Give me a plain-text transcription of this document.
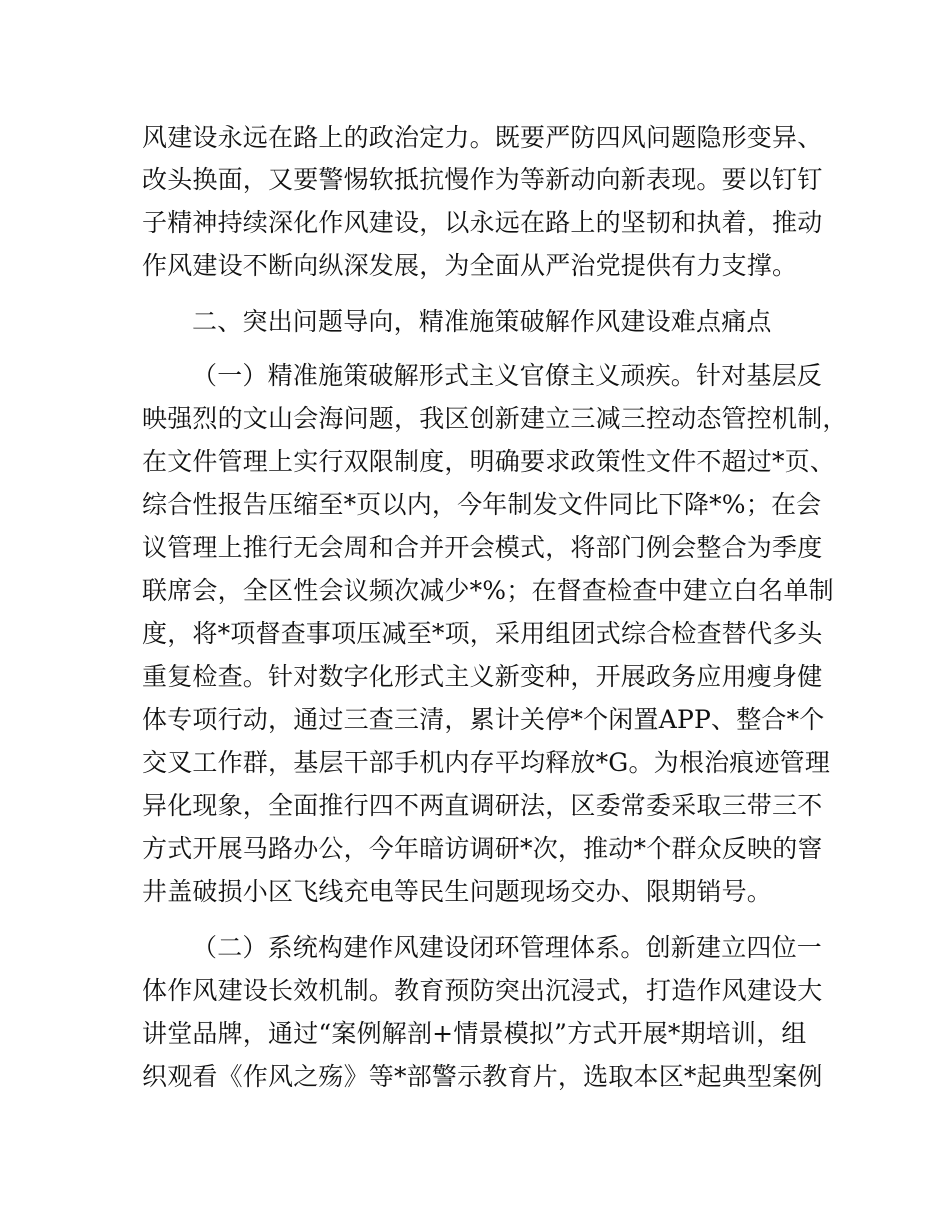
风建设永远在路上的政治定力。既要严防四风问题隐形变异、
改头换面，又要警惕软抵抗慢作为等新动向新表现。要以钉钉
子精神持续深化作风建设，以永远在路上的坚韧和执着，推动
作风建设不断向纵深发展，为全面从严治党提供有力支撑。
二、突出问题导向，精准施策破解作风建设难点痛点
（一）精准施策破解形式主义官僚主义顽疾。针对基层反
映强烈的文山会海问题，我区创新建立三减三控动态管控机制，
在文件管理上实行双限制度，明确要求政策性文件不超过*页、
综合性报告压缩至*页以内，今年制发文件同比下降*%；在会
议管理上推行无会周和合并开会模式，将部门例会整合为季度
联席会，全区性会议频次减少*%；在督查检查中建立白名单制
度，将*项督查事项压减至*项，采用组团式综合检查替代多头
重复检查。针对数字化形式主义新变种，开展政务应用瘦身健
体专项行动，通过三查三清，累计关停*个闲置APP、整合*个
交叉工作群，基层干部手机内存平均释放*G。为根治痕迹管理
异化现象，全面推行四不两直调研法，区委常委采取三带三不
方式开展马路办公，今年暗访调研*次，推动*个群众反映的窨
井盖破损小区飞线充电等民生问题现场交办、限期销号。
（二）系统构建作风建设闭环管理体系。创新建立四位一
体作风建设长效机制。教育预防突出沉浸式，打造作风建设大
讲堂品牌，通过“案例解剖+情景模拟”方式开展*期培训，组
织观看《作风之殇》等*部警示教育片，选取本区*起典型案例
